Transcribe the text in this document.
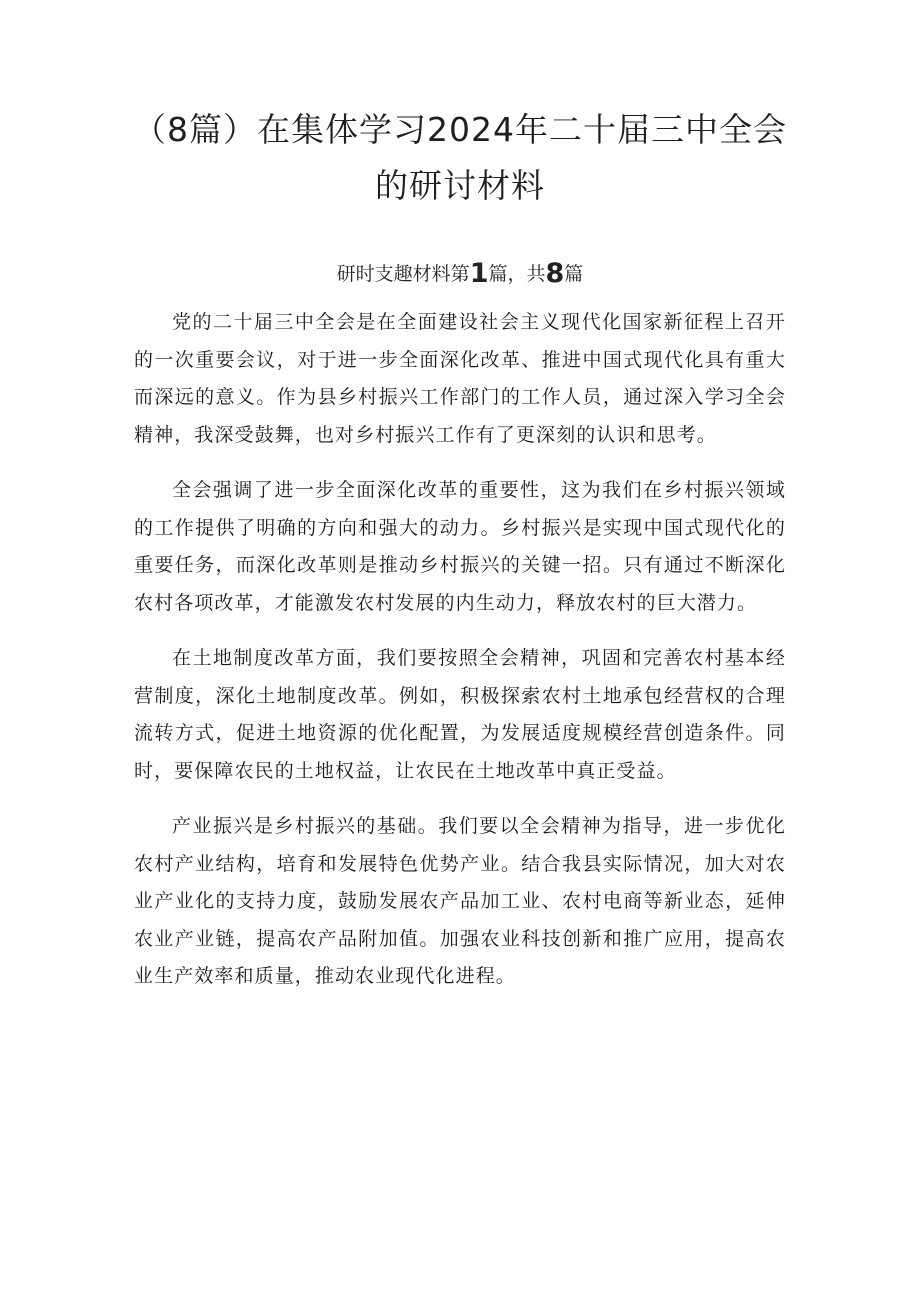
（8篇）在集体学习2024年二十届三中全会的研讨材料

研时支趣材料第1篇，共8篇

党的二十届三中全会是在全面建设社会主义现代化国家新征程上召开的一次重要会议，对于进一步全面深化改革、推进中国式现代化具有重大而深远的意义。作为县乡村振兴工作部门的工作人员，通过深入学习全会精神，我深受鼓舞，也对乡村振兴工作有了更深刻的认识和思考。

全会强调了进一步全面深化改革的重要性，这为我们在乡村振兴领域的工作提供了明确的方向和强大的动力。乡村振兴是实现中国式现代化的重要任务，而深化改革则是推动乡村振兴的关键一招。只有通过不断深化农村各项改革，才能激发农村发展的内生动力，释放农村的巨大潜力。

在土地制度改革方面，我们要按照全会精神，巩固和完善农村基本经营制度，深化土地制度改革。例如，积极探索农村土地承包经营权的合理流转方式，促进土地资源的优化配置，为发展适度规模经营创造条件。同时，要保障农民的土地权益，让农民在土地改革中真正受益。

产业振兴是乡村振兴的基础。我们要以全会精神为指导，进一步优化农村产业结构，培育和发展特色优势产业。结合我县实际情况，加大对农业产业化的支持力度，鼓励发展农产品加工业、农村电商等新业态，延伸农业产业链，提高农产品附加值。加强农业科技创新和推广应用，提高农业生产效率和质量，推动农业现代化进程。
